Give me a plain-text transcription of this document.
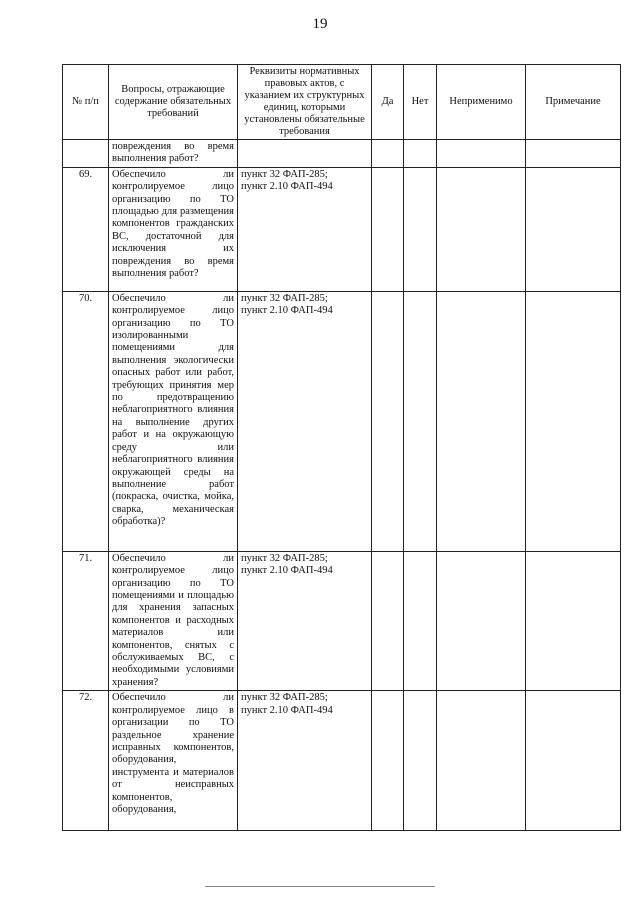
19
№ п/п	Вопросы, отражающие содержание обязательных требований	Реквизиты нормативных правовых актов, с указанием их структурных единиц, которыми установлены обязательные требования	Да	Нет	Неприменимо	Примечание
	повреждения во время выполнения работ?					
69.	Обеспечило ли контролируемое лицо организацию по ТО площадью для размещения компонентов гражданских ВС, достаточной для исключения их повреждения во время выполнения работ?	пункт 32 ФАП-285;
пункт 2.10 ФАП-494				

70.	Обеспечило ли контролируемое лицо организацию по ТО изолированными помещениями для выполнения экологически опасных работ или работ, требующих принятия мер по предотвращению неблагоприятного влияния на выполнение других работ и на окружающую среду или неблагоприятного влияния окружающей среды на выполнение работ (покраска, очистка, мойка, сварка, механическая обработка)?	пункт 32 ФАП-285;
пункт 2.10 ФАП-494				

71.	Обеспечило ли контролируемое лицо организацию по ТО помещениями и площадью для хранения запасных компонентов и расходных материалов или компонентов, снятых с обслуживаемых ВС, с необходимыми условиями хранения?	пункт 32 ФАП-285;
пункт 2.10 ФАП-494				

72.	Обеспечило ли контролируемое лицо в организации по ТО раздельное хранение исправных компонентов, оборудования, инструмента и материалов от неисправных компонентов, оборудования,	пункт 32 ФАП-285;
пункт 2.10 ФАП-494				
